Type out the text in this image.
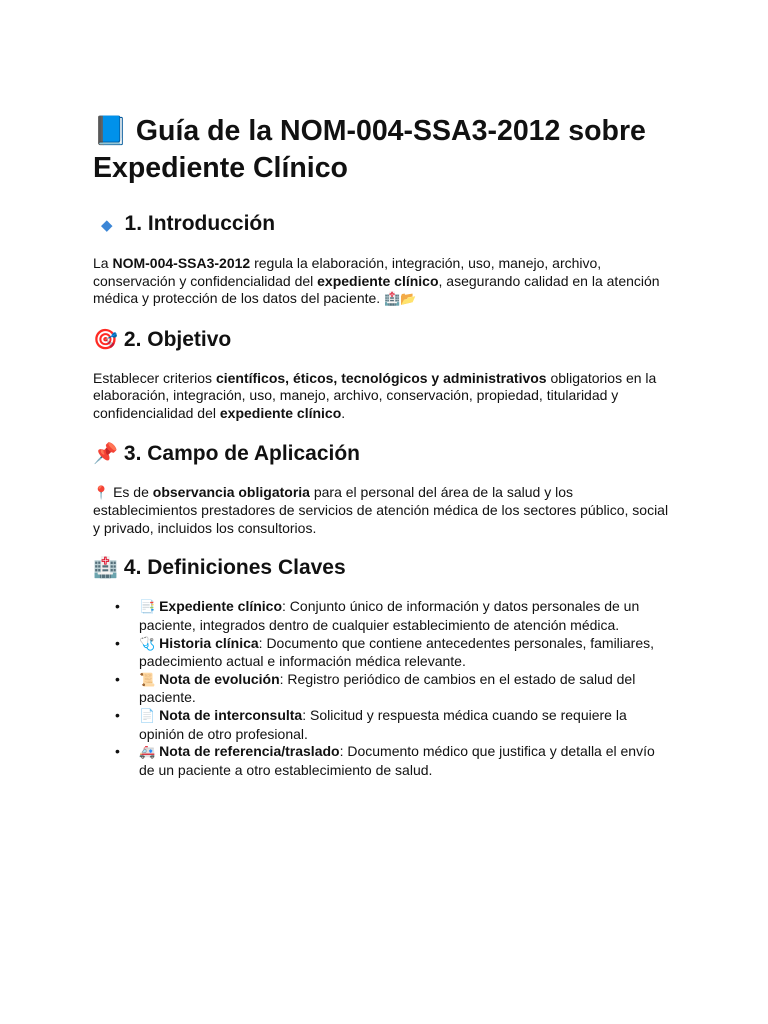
📘 Guía de la NOM-004-SSA3-2012 sobre Expediente Clínico
◆ 1. Introducción

La NOM-004-SSA3-2012 regula la elaboración, integración, uso, manejo, archivo, conservación y confidencialidad del expediente clínico, asegurando calidad en la atención médica y protección de los datos del paciente. 🏥📂

🎯 2. Objetivo

Establecer criterios científicos, éticos, tecnológicos y administrativos obligatorios en la elaboración, integración, uso, manejo, archivo, conservación, propiedad, titularidad y confidencialidad del expediente clínico.

📌 3. Campo de Aplicación

📍 Es de observancia obligatoria para el personal del área de la salud y los establecimientos prestadores de servicios de atención médica de los sectores público, social y privado, incluidos los consultorios.

🏥 4. Definiciones Claves
• 📑 Expediente clínico: Conjunto único de información y datos personales de un paciente, integrados dentro de cualquier establecimiento de atención médica.
• 🩺 Historia clínica: Documento que contiene antecedentes personales, familiares, padecimiento actual e información médica relevante.
• 📜 Nota de evolución: Registro periódico de cambios en el estado de salud del paciente.
• 📄 Nota de interconsulta: Solicitud y respuesta médica cuando se requiere la opinión de otro profesional.
• 🚑 Nota de referencia/traslado: Documento médico que justifica y detalla el envío de un paciente a otro establecimiento de salud.
